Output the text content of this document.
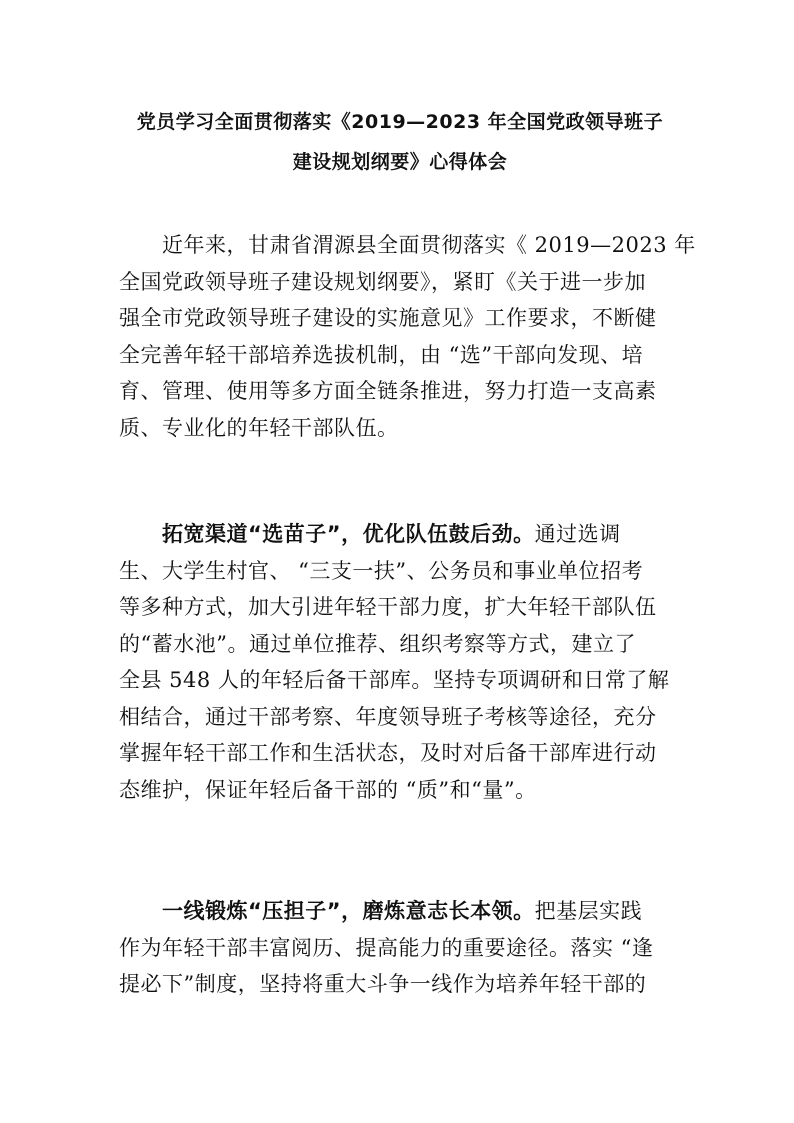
党员学习全面贯彻落实《2019—2023 年全国党政领导班子
建设规划纲要》心得体会
近年来，甘肃省渭源县全面贯彻落实《 2019—2023 年
全国党政领导班子建设规划纲要》，紧盯《关于进一步加
强全市党政领导班子建设的实施意见》工作要求，不断健
全完善年轻干部培养选拔机制，由 “选”干部向发现、培
育、管理、使用等多方面全链条推进，努力打造一支高素
质、专业化的年轻干部队伍。
拓宽渠道“选苗子”，优化队伍鼓后劲。通过选调
生、大学生村官、 “三支一扶”、公务员和事业单位招考
等多种方式，加大引进年轻干部力度，扩大年轻干部队伍
的“蓄水池”。通过单位推荐、组织考察等方式，建立了
全县 548 人的年轻后备干部库。坚持专项调研和日常了解
相结合，通过干部考察、年度领导班子考核等途径，充分
掌握年轻干部工作和生活状态，及时对后备干部库进行动
态维护，保证年轻后备干部的 “质”和“量”。
一线锻炼“压担子”，磨炼意志长本领。把基层实践
作为年轻干部丰富阅历、提高能力的重要途径。落实 “逢
提必下”制度，坚持将重大斗争一线作为培养年轻干部的
